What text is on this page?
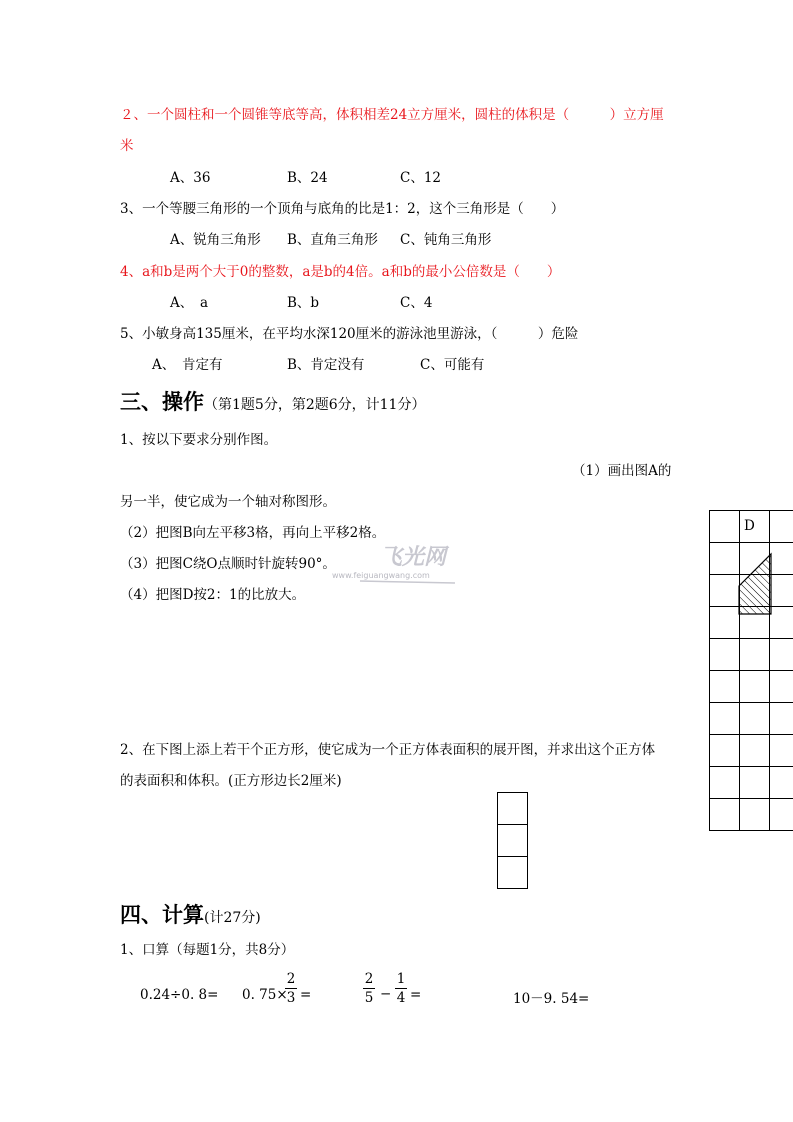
２、一个圆柱和一个圆锥等底等高，体积相差24立方厘米，圆柱的体积是（　　　）立方厘
米
A、36	B、24	C、12
3、一个等腰三角形的一个顶角与底角的比是1：2，这个三角形是（　　）
A、锐角三角形 B、直角三角形 C、钝角三角形
4、a和b是两个大于0的整数，a是b的4倍。a和b的最小公倍数是（　　）
A、　a	B、b	C、4
5、小敏身高135厘米，在平均水深120厘米的游泳池里游泳，（　　　）危险
A、　肯定有	B、肯定没有	C、可能有
三、操作（第1题5分，第2题6分，计11分）
1、按以下要求分别作图。
（1）画出图A的
另一半，使它成为一个轴对称图形。
（2）把图B向左平移3格，再向上平移2格。
（3）把图C绕O点顺时针旋转90°。
（4）把图D按2：1的比放大。
飞光网
www.feiguangwang.com
D
2、在下图上添上若干个正方形，使它成为一个正方体表面积的展开图，并求出这个正方体
的表面积和体积。(正方形边长2厘米)
四、计算(计27分)
1、口算（每题1分，共8分）
0.24÷0. 8= 0. 75×
2
3 =
2
5 −
1
4 =	10－9. 54=
